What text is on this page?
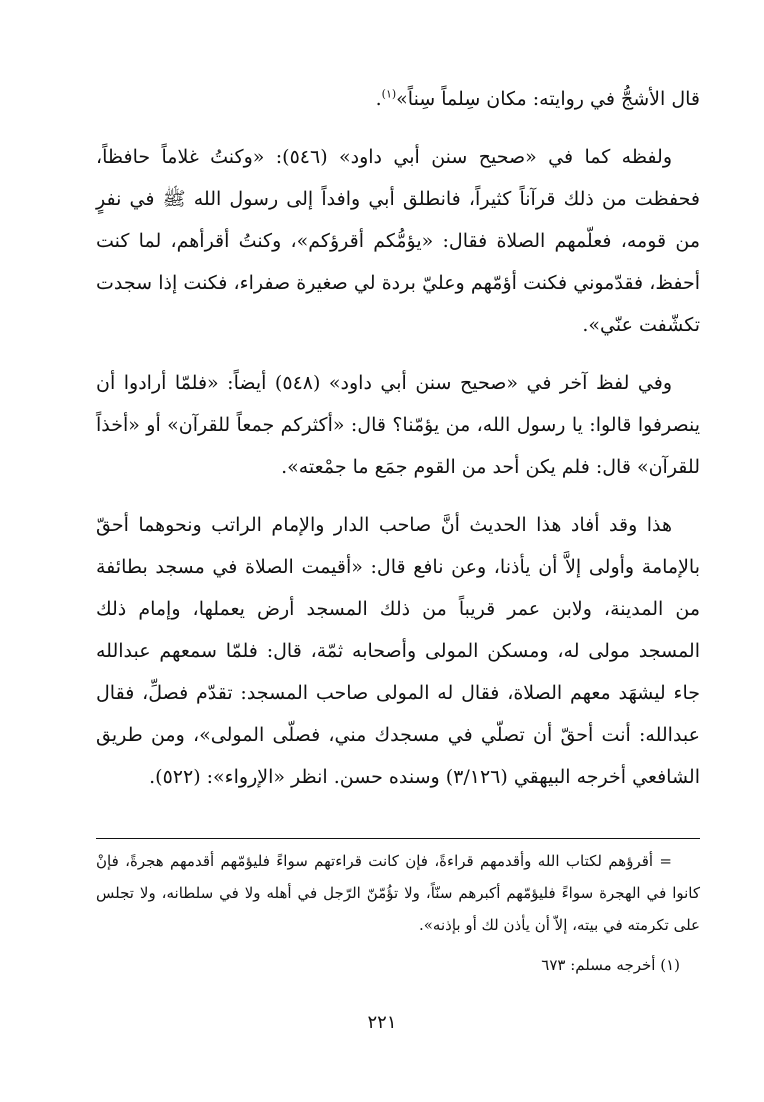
قال الأشجُّ في روايته: مكان سِلماً سِناً»$^{(١)}$.

ولفظه كما في «صحيح سنن أبي داود» (٥٤٦): «وكنتُ غلاماً حافظاً، فحفظت من ذلك قرآناً كثيراً، فانطلق أبي وافداً إلى رسول الله ﷺ في نفرٍ من قومه، فعلّمهم الصلاة فقال: «يؤمُّكم أقرؤكم»، وكنتُ أقرأهم، لما كنت أحفظ، فقدّموني فكنت أؤمّهم وعليّ بردة لي صغيرة صفراء، فكنت إذا سجدت تكشّفت عنّي».

وفي لفظ آخر في «صحيح سنن أبي داود» (٥٤٨) أيضاً: «فلمّا أرادوا أن ينصرفوا قالوا: يا رسول الله، من يؤمّنا؟ قال: «أكثركم جمعاً للقرآن» أو «أخذاً للقرآن» قال: فلم يكن أحد من القوم جمَع ما جمْعته».

هذا وقد أفاد هذا الحديث أنَّ صاحب الدار والإمام الراتب ونحوهما أحقّ بالإمامة وأولى إلاَّ أن يأذنا، وعن نافع قال: «أقيمت الصلاة في مسجد بطائفة من المدينة، ولابن عمر قريباً من ذلك المسجد أرض يعملها، وإمام ذلك المسجد مولى له، ومسكن المولى وأصحابه ثمّة، قال: فلمّا سمعهم عبدالله جاء ليشهَد معهم الصلاة، فقال له المولى صاحب المسجد: تقدّم فصلِّ، فقال عبدالله: أنت أحقّ أن تصلّي في مسجدك مني، فصلّى المولى»، ومن طريق الشافعي أخرجه البيهقي (٣/١٢٦) وسنده حسن. انظر «الإرواء»: (٥٢٢).

= أقرؤهم لكتاب الله وأقدمهم قراءةً، فإن كانت قراءتهم سواءً فليؤمّهم أقدمهم هجرةً، فإنْ كانوا في الهجرة سواءً فليؤمّهم أكبرهم سنّاً، ولا تؤُمّنّ الرّجل في أهله ولا في سلطانه، ولا تجلس على تكرمته في بيته، إلاّ أن يأذن لك أو بإذنه».

(١) أخرجه مسلم: ٦٧٣

٢٢١
